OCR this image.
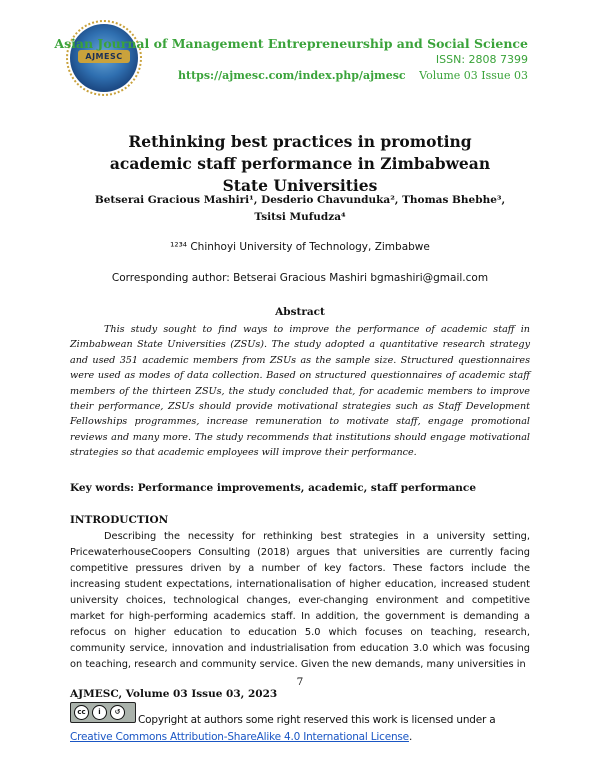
AJMESC
Asian Journal of Management Entrepreneurship and Social Science
ISSN: 2808 7399
https://ajmesc.com/index.php/ajmesc Volume 03 Issue 03
Rethinking best practices in promoting academic staff performance in Zimbabwean State Universities
Betserai Gracious Mashiri¹, Desderio Chavunduka², Thomas Bhebhe³, Tsitsi Mufudza⁴
¹²³⁴ Chinhoyi University of Technology, Zimbabwe
Corresponding author: Betserai Gracious Mashiri bgmashiri@gmail.com
Abstract
This study sought to find ways to improve the performance of academic staff in Zimbabwean State Universities (ZSUs). The study adopted a quantitative research strategy and used 351 academic members from ZSUs as the sample size. Structured questionnaires were used as modes of data collection. Based on structured questionnaires of academic staff members of the thirteen ZSUs, the study concluded that, for academic members to improve their performance, ZSUs should provide motivational strategies such as Staff Development Fellowships programmes, increase remuneration to motivate staff, engage promotional reviews and many more. The study recommends that institutions should engage motivational strategies so that academic employees will improve their performance.
Key words: Performance improvements, academic, staff performance
INTRODUCTION
Describing the necessity for rethinking best strategies in a university setting, PricewaterhouseCoopers Consulting (2018) argues that universities are currently facing competitive pressures driven by a number of key factors. These factors include the increasing student expectations, internationalisation of higher education, increased student university choices, technological changes, ever-changing environment and competitive market for high-performing academics staff. In addition, the government is demanding a refocus on higher education to education 5.0 which focuses on teaching, research, community service, innovation and industrialisation from education 3.0 which was focusing on teaching, research and community service. Given the new demands, many universities in
7
AJMESC, Volume 03 Issue 03, 2023
cc	i	↺
Copyright at authors some right reserved this work is licensed under a Creative Commons Attribution-ShareAlike 4.0 International License.
